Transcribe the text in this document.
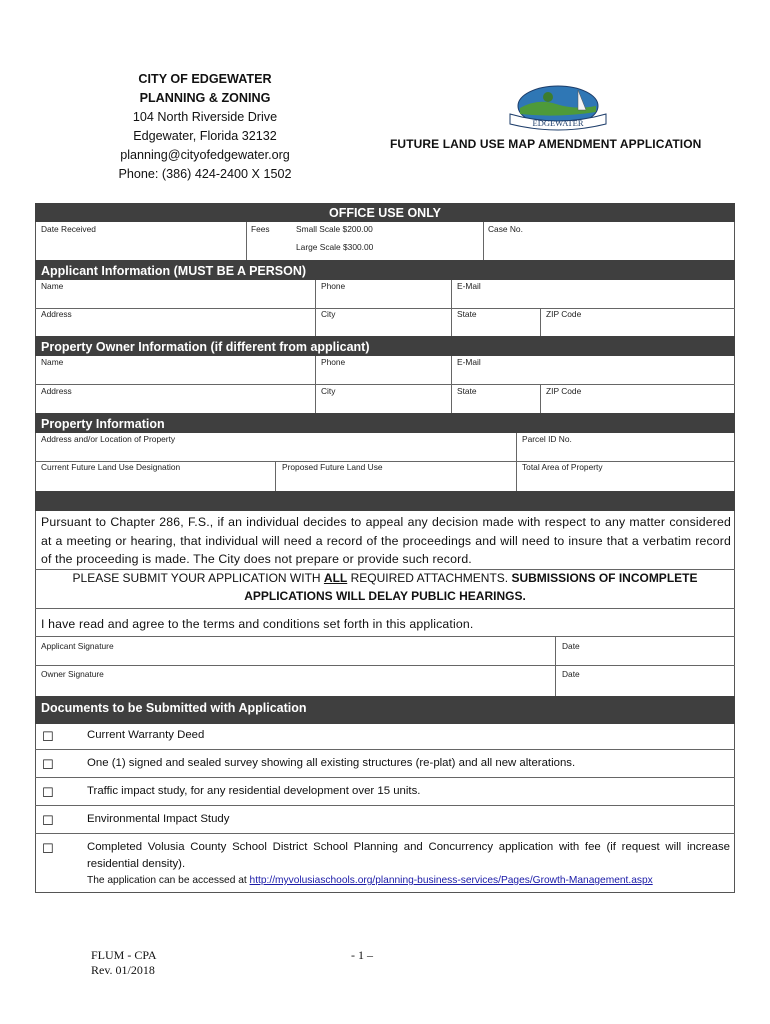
CITY OF EDGEWATER
PLANNING & ZONING
104 North Riverside Drive
Edgewater, Florida 32132
planning@cityofedgewater.org
Phone: (386) 424-2400 X 1502
EDGEWATER
FUTURE LAND USE MAP AMENDMENT APPLICATION
OFFICE USE ONLY
Date Received	Fees	Small Scale $200.00
Large Scale $300.00
Case No.
Applicant Information (MUST BE A PERSON)
Name	Phone	E-Mail
Address	City	State	ZIP Code
Property Owner Information (if different from applicant)
Name	Phone	E-Mail
Address	City	State	ZIP Code
Property Information
Address and/or Location of Property	Parcel ID No.
Current Future Land Use Designation	Proposed Future Land Use	Total Area of Property
Pursuant to Chapter 286, F.S., if an individual decides to appeal any decision made with respect to any matter considered at a meeting or hearing, that individual will need a record of the proceedings and will need to insure that a verbatim record of the proceeding is made. The City does not prepare or provide such record.
PLEASE SUBMIT YOUR APPLICATION WITH ALL REQUIRED ATTACHMENTS. SUBMISSIONS OF INCOMPLETE APPLICATIONS WILL DELAY PUBLIC HEARINGS.
I have read and agree to the terms and conditions set forth in this application.
Applicant Signature	Date
Owner Signature	Date
Documents to be Submitted with Application
☐	Current Warranty Deed
☐	One (1) signed and sealed survey showing all existing structures (re-plat) and all new alterations.
☐	Traffic impact study, for any residential development over 15 units.
☐	Environmental Impact Study
☐	Completed Volusia County School District School Planning and Concurrency application with fee (if request will increase residential density).
The application can be accessed at http://myvolusiaschools.org/planning-business-services/Pages/Growth-Management.aspx
FLUM - CPA
Rev. 01/2018
- 1 –
